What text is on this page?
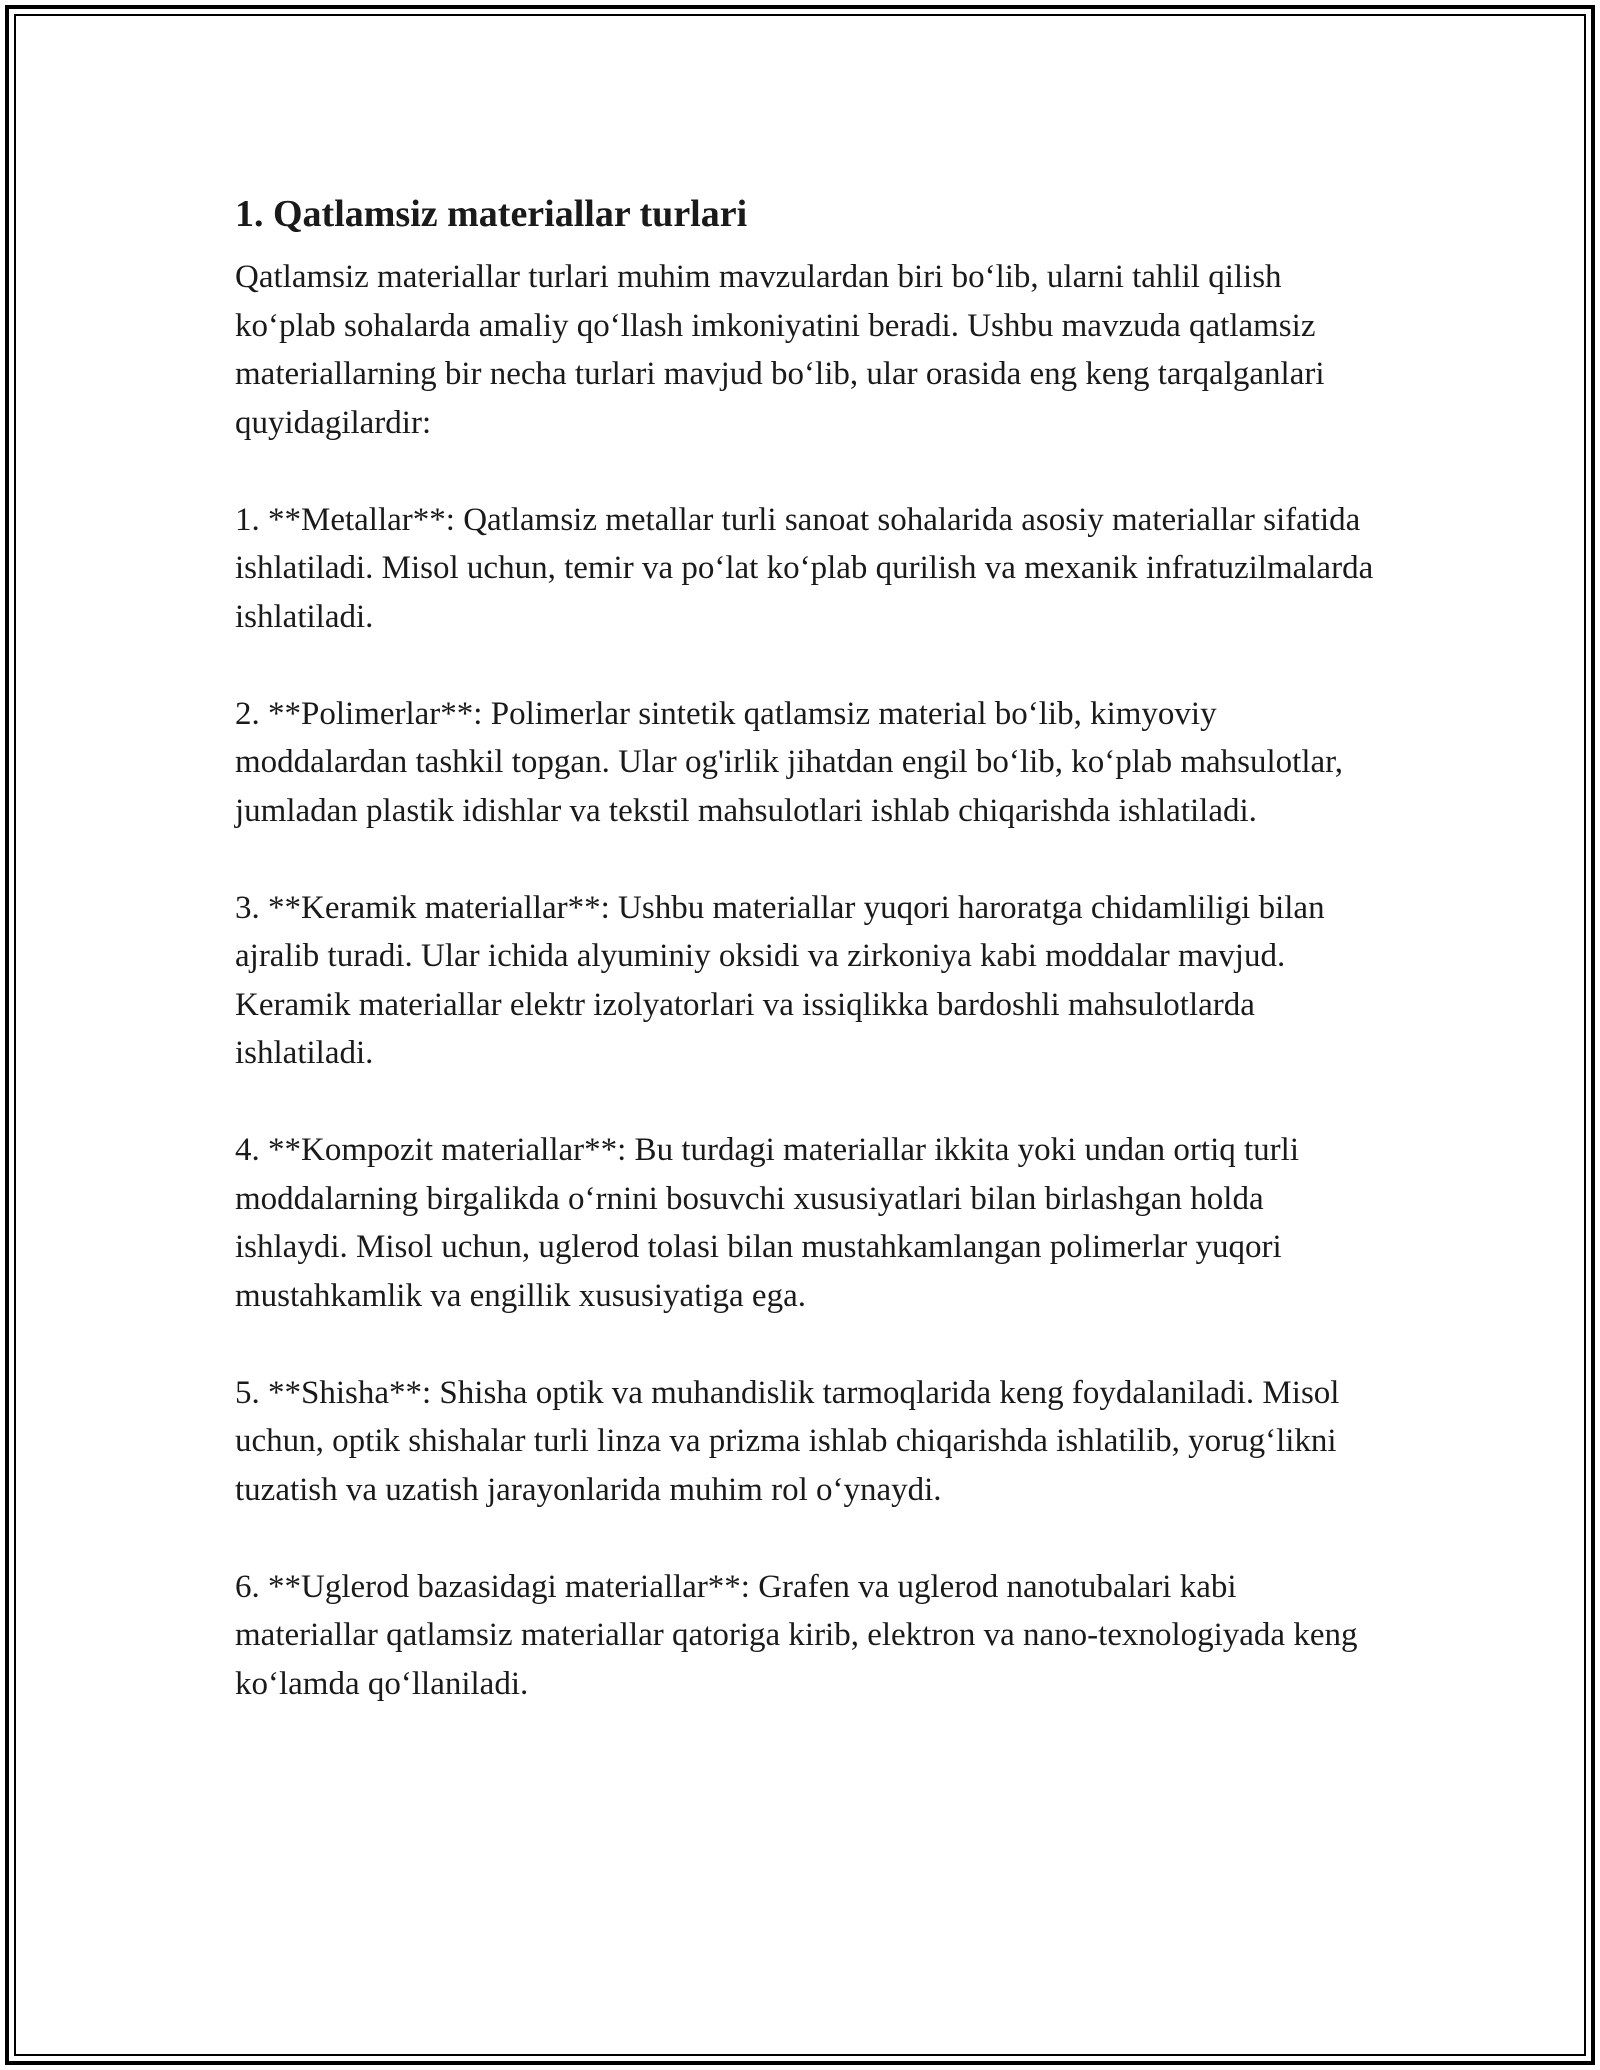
1. Qatlamsiz materiallar turlari

Qatlamsiz materiallar turlari muhim mavzulardan biri bo‘lib, ularni tahlil qilish ko‘plab sohalarda amaliy qo‘llash imkoniyatini beradi. Ushbu mavzuda qatlamsiz materiallarning bir necha turlari mavjud bo‘lib, ular orasida eng keng tarqalganlari quyidagilardir:

1. **Metallar**: Qatlamsiz metallar turli sanoat sohalarida asosiy materiallar sifatida ishlatiladi. Misol uchun, temir va po‘lat ko‘plab qurilish va mexanik infratuzilmalarda ishlatiladi.

2. **Polimerlar**: Polimerlar sintetik qatlamsiz material bo‘lib, kimyoviy moddalardan tashkil topgan. Ular og'irlik jihatdan engil bo‘lib, ko‘plab mahsulotlar, jumladan plastik idishlar va tekstil mahsulotlari ishlab chiqarishda ishlatiladi.

3. **Keramik materiallar**: Ushbu materiallar yuqori haroratga chidamliligi bilan ajralib turadi. Ular ichida alyuminiy oksidi va zirkoniya kabi moddalar mavjud. Keramik materiallar elektr izolyatorlari va issiqlikka bardoshli mahsulotlarda ishlatiladi.

4. **Kompozit materiallar**: Bu turdagi materiallar ikkita yoki undan ortiq turli moddalarning birgalikda o‘rnini bosuvchi xususiyatlari bilan birlashgan holda ishlaydi. Misol uchun, uglerod tolasi bilan mustahkamlangan polimerlar yuqori mustahkamlik va engillik xususiyatiga ega.

5. **Shisha**: Shisha optik va muhandislik tarmoqlarida keng foydalaniladi. Misol uchun, optik shishalar turli linza va prizma ishlab chiqarishda ishlatilib, yorug‘likni tuzatish va uzatish jarayonlarida muhim rol o‘ynaydi.

6. **Uglerod bazasidagi materiallar**: Grafen va uglerod nanotubalari kabi materiallar qatlamsiz materiallar qatoriga kirib, elektron va nano-texnologiyada keng ko‘lamda qo‘llaniladi.
